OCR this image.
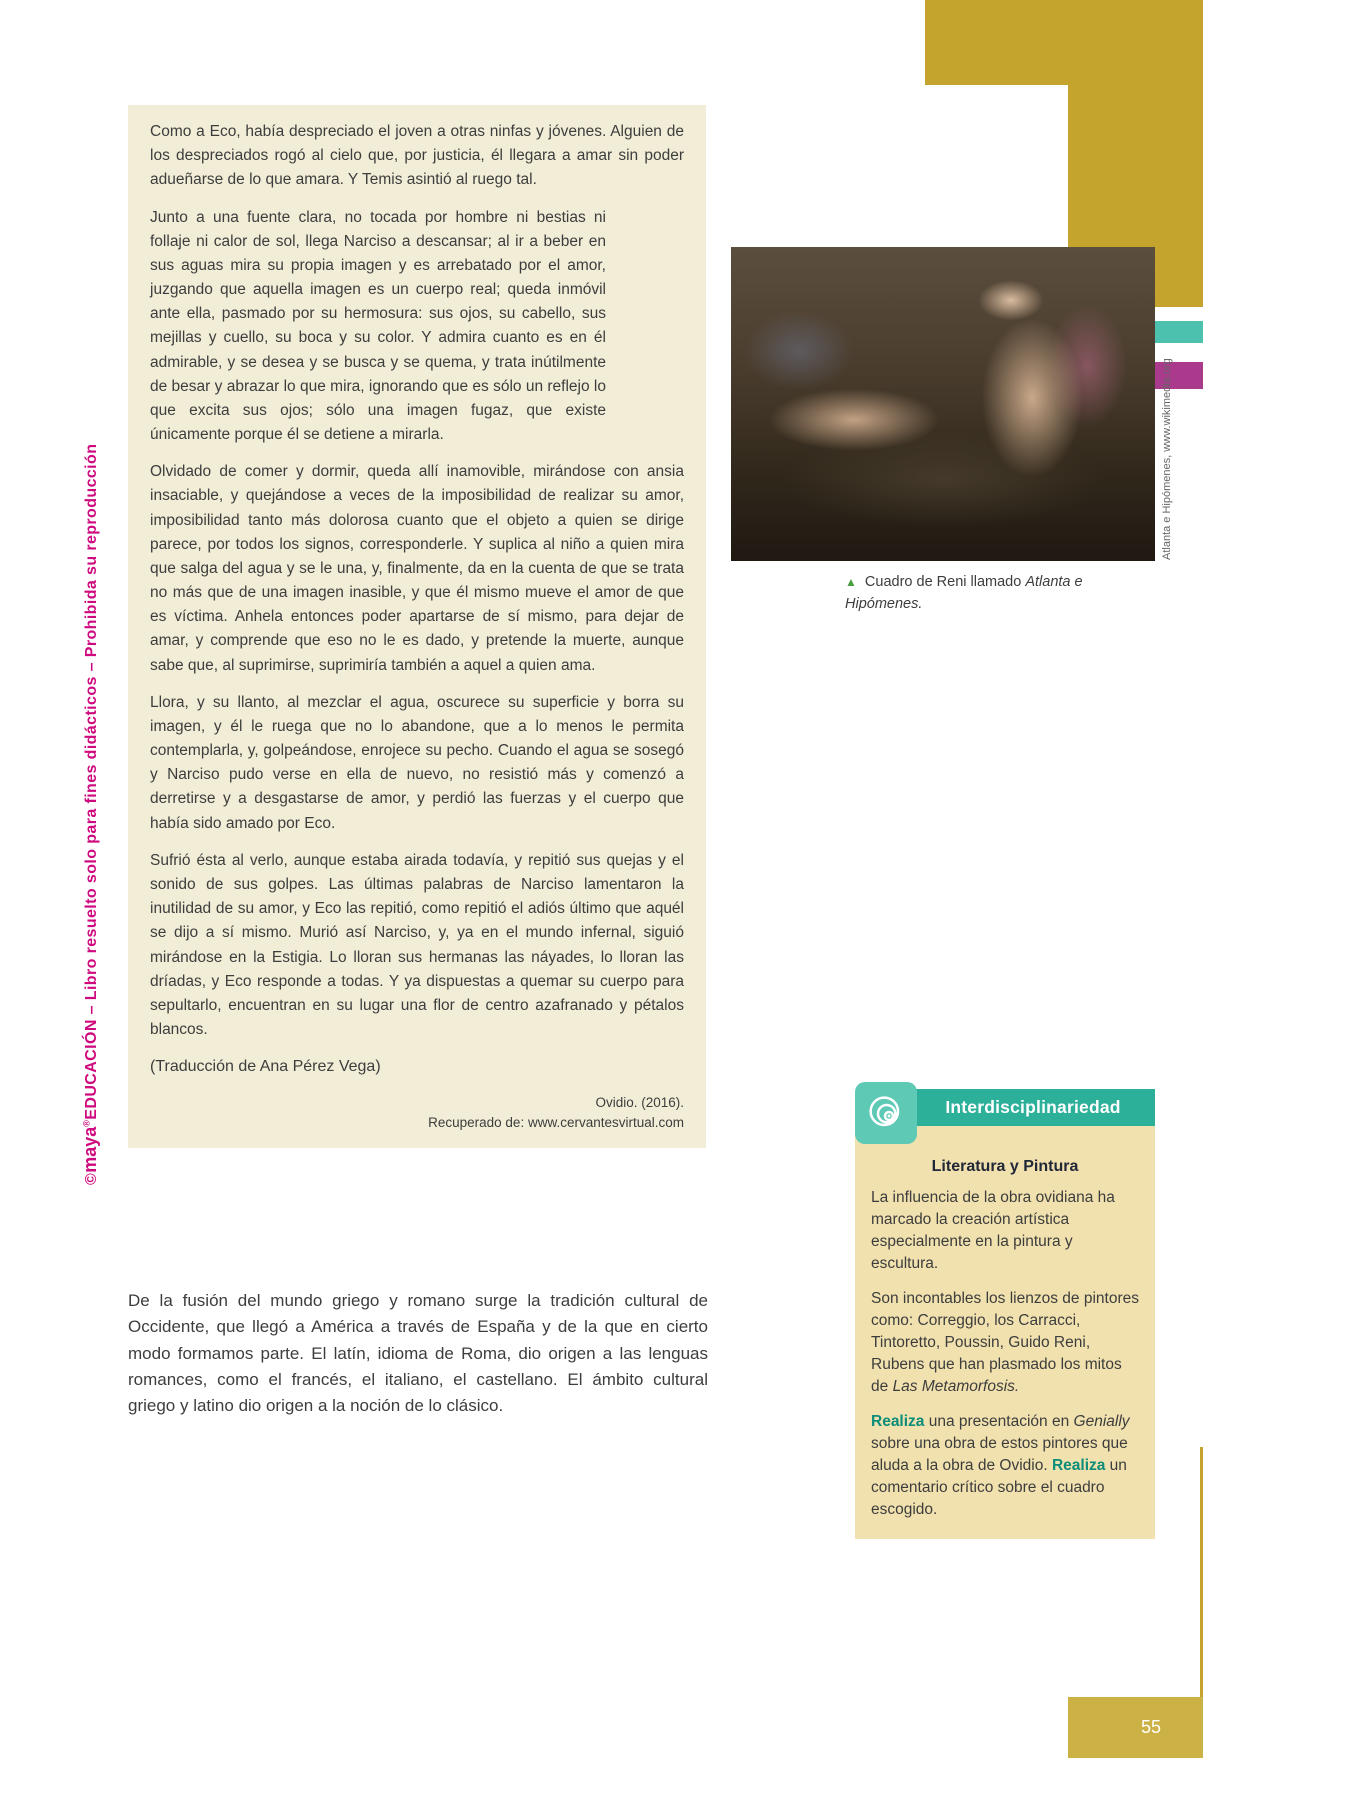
55
©maya®EDUCACIÓN – Libro resuelto solo para fines didácticos – Prohibida su reproducción

Como a Eco, había despreciado el joven a otras ninfas y jóvenes. Alguien de los despreciados rogó al cielo que, por justicia, él llegara a amar sin poder adueñarse de lo que amara. Y Temis asintió al ruego tal.

Junto a una fuente clara, no tocada por hombre ni bestias ni follaje ni calor de sol, llega Narciso a descansar; al ir a beber en sus aguas mira su propia imagen y es arrebatado por el amor, juzgando que aquella imagen es un cuerpo real; queda inmóvil ante ella, pasmado por su hermosura: sus ojos, su cabello, sus mejillas y cuello, su boca y su color. Y admira cuanto es en él admirable, y se desea y se busca y se quema, y trata inútilmente de besar y abrazar lo que mira, ignorando que es sólo un reflejo lo que excita sus ojos; sólo una imagen fugaz, que existe únicamente porque él se detiene a mirarla.

Olvidado de comer y dormir, queda allí inamovible, mirándose con ansia insaciable, y quejándose a veces de la imposibilidad de realizar su amor, imposibilidad tanto más dolorosa cuanto que el objeto a quien se dirige parece, por todos los signos, corresponderle. Y suplica al niño a quien mira que salga del agua y se le una, y, finalmente, da en la cuenta de que se trata no más que de una imagen inasible, y que él mismo mueve el amor de que es víctima. Anhela entonces poder apartarse de sí mismo, para dejar de amar, y comprende que eso no le es dado, y pretende la muerte, aunque sabe que, al suprimirse, suprimiría también a aquel a quien ama.

Llora, y su llanto, al mezclar el agua, oscurece su superficie y borra su imagen, y él le ruega que no lo abandone, que a lo menos le permita contemplarla, y, golpeándose, enrojece su pecho. Cuando el agua se sosegó y Narciso pudo verse en ella de nuevo, no resistió más y comenzó a derretirse y a desgastarse de amor, y perdió las fuerzas y el cuerpo que había sido amado por Eco.

Sufrió ésta al verlo, aunque estaba airada todavía, y repitió sus quejas y el sonido de sus golpes. Las últimas palabras de Narciso lamentaron la inutilidad de su amor, y Eco las repitió, como repitió el adiós último que aquél se dijo a sí mismo. Murió así Narciso, y, ya en el mundo infernal, siguió mirándose en la Estigia. Lo lloran sus hermanas las náyades, lo lloran las dríadas, y Eco responde a todas. Y ya dispuestas a quemar su cuerpo para sepultarlo, encuentran en su lugar una flor de centro azafranado y pétalos blancos.

(Traducción de Ana Pérez Vega)

Ovidio. (2016).
Recuperado de: www.cervantesvirtual.com

Atlanta e Hipómenes, www.wikimedia.org
▲ Cuadro de Reni llamado Atlanta e Hipómenes.
Interdisciplinariedad
Literatura y Pintura

La influencia de la obra ovidiana ha marcado la creación artística especialmente en la pintura y escultura.

Son incontables los lienzos de pintores como: Correggio, los Carracci, Tintoretto, Poussin, Guido Reni, Rubens que han plasmado los mitos de Las Metamorfosis.

Realiza una presentación en Genially sobre una obra de estos pintores que aluda a la obra de Ovidio. Realiza un comentario crítico sobre el cuadro escogido.

De la fusión del mundo griego y romano surge la tradición cultural de Occidente, que llegó a América a través de España y de la que en cierto modo formamos parte. El latín, idioma de Roma, dio origen a las lenguas romances, como el francés, el italiano, el castellano. El ámbito cultural griego y latino dio origen a la noción de lo clásico.
